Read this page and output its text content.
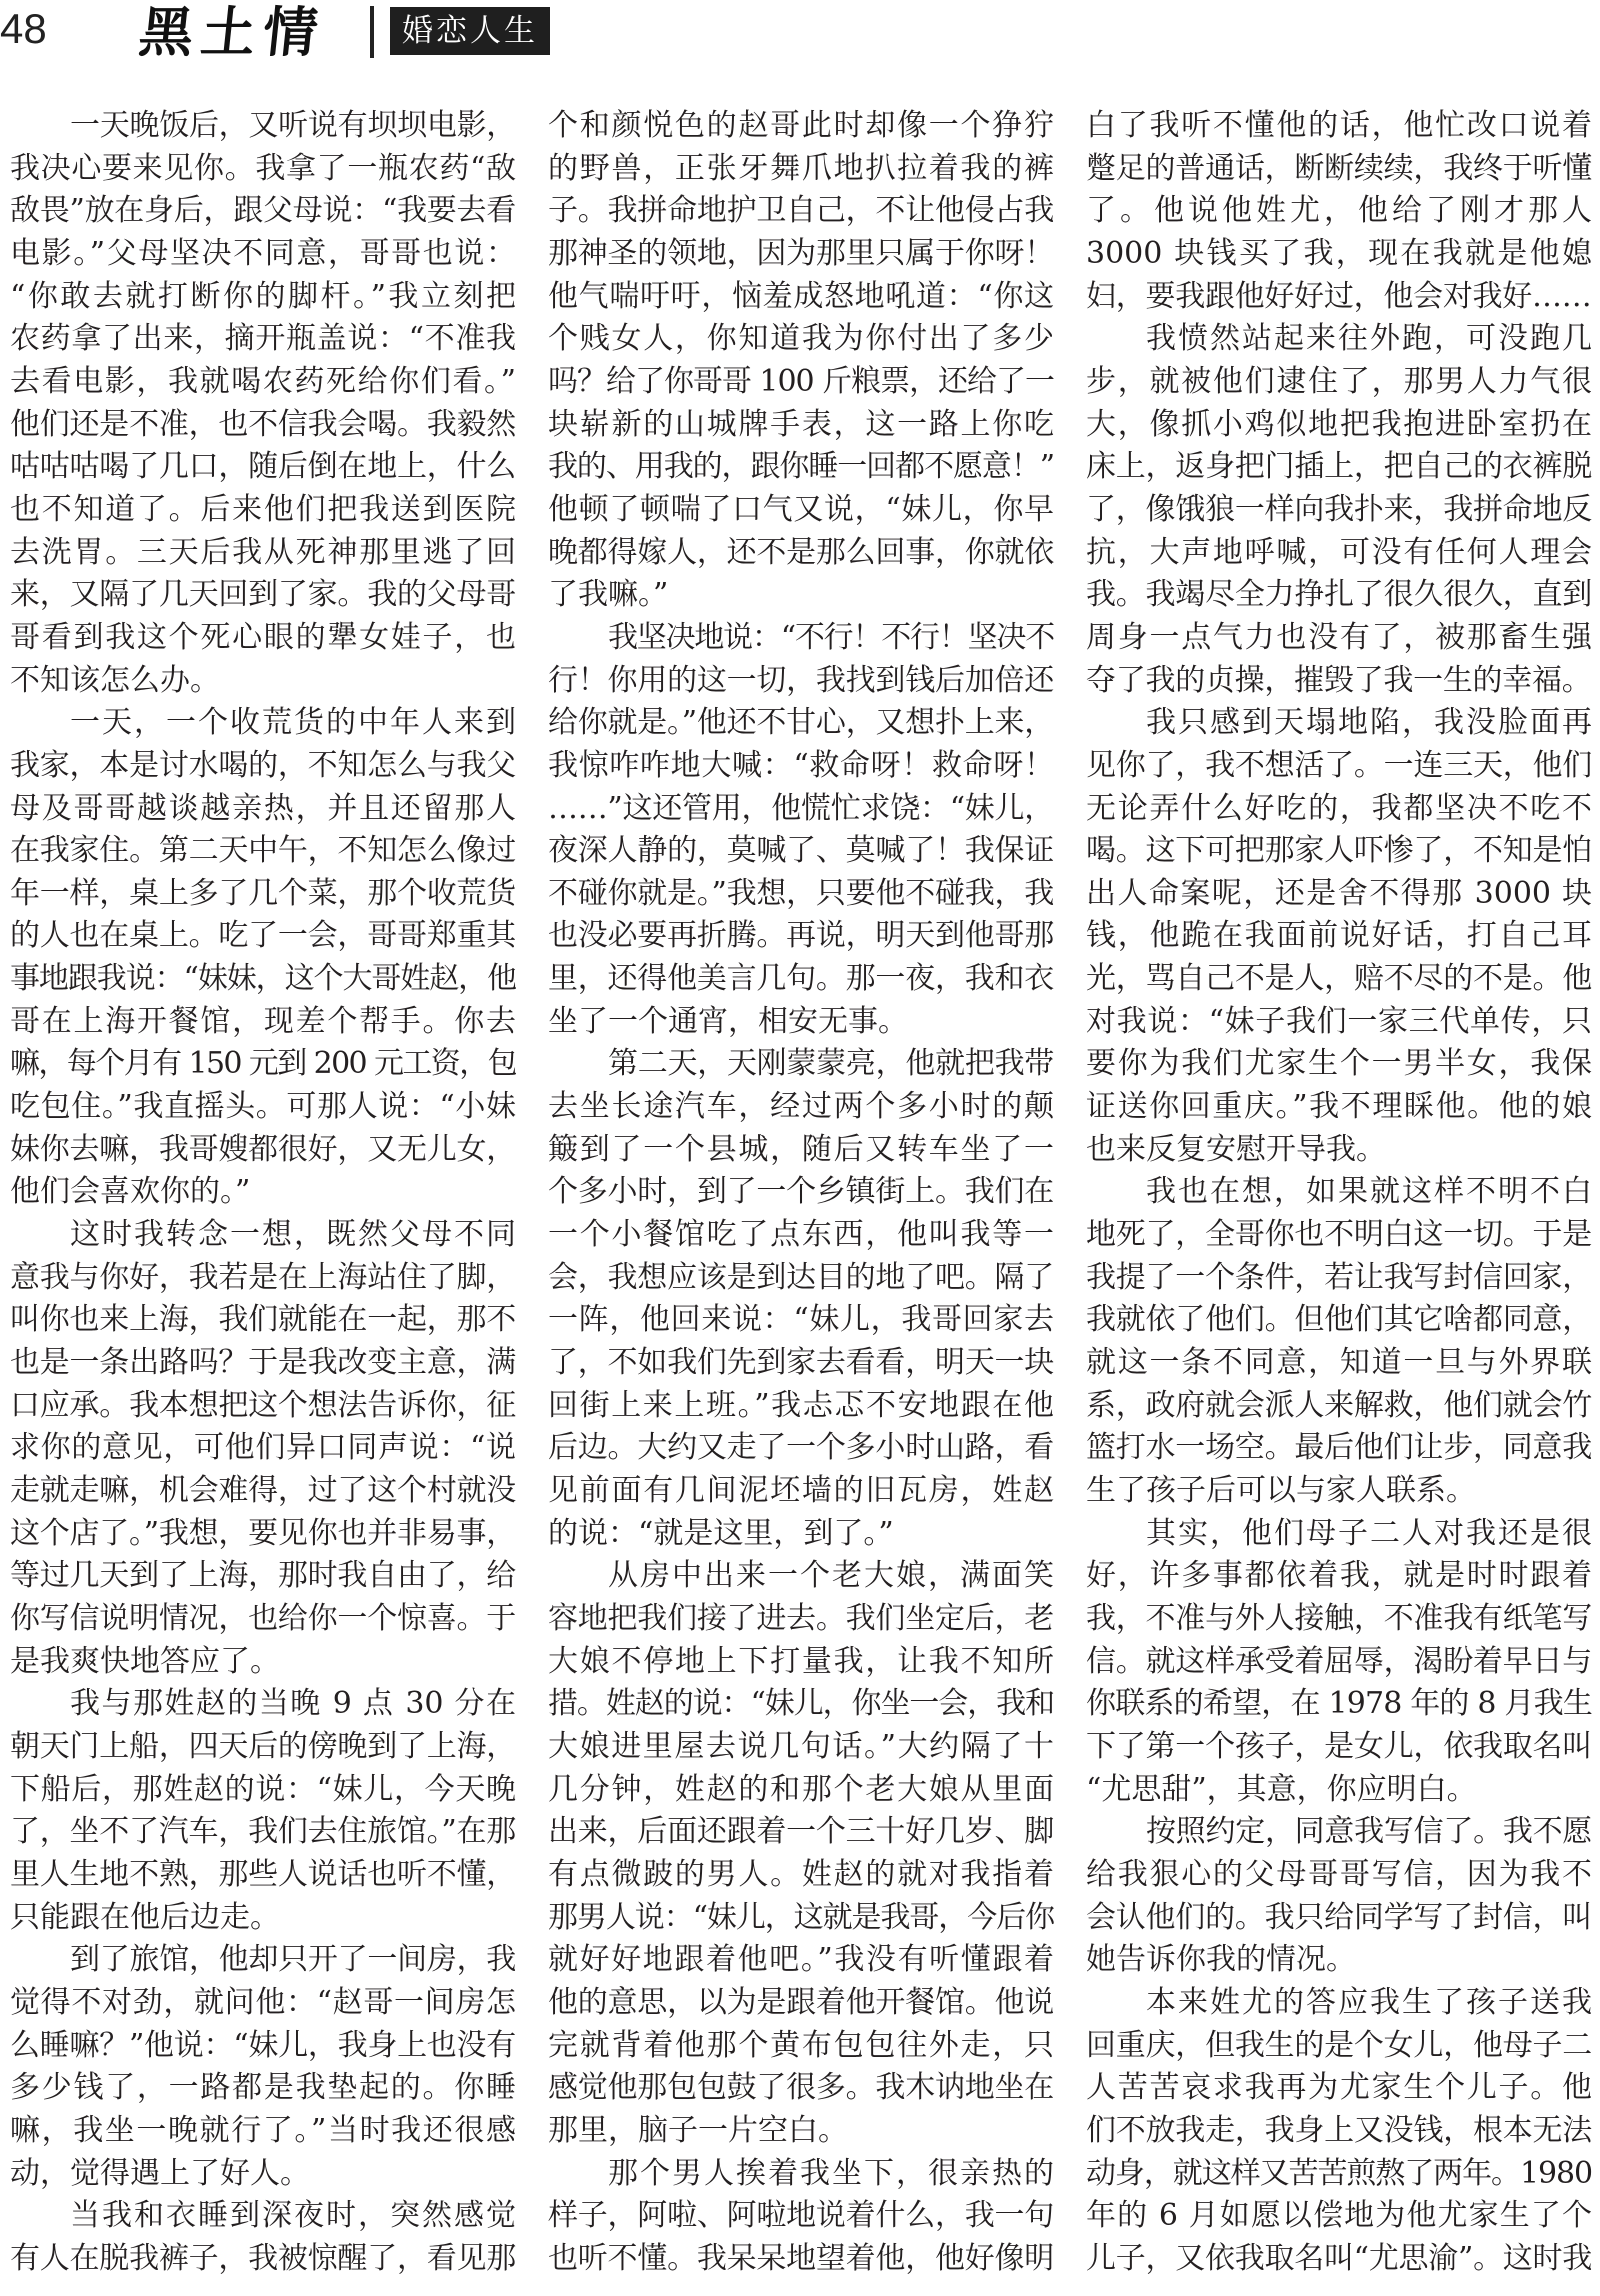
48 黑土情	婚恋人生
一天晚饭后，又听说有坝坝电影，
我决心要来见你。我拿了一瓶农药“敌
敌畏”放在身后，跟父母说：“我要去看
电影。”父母坚决不同意，哥哥也说：
“你敢去就打断你的脚杆。”我立刻把
农药拿了出来，摘开瓶盖说：“不准我
去看电影，我就喝农药死给你们看。”
他们还是不准，也不信我会喝。我毅然
咕咕咕喝了几口，随后倒在地上，什么
也不知道了。后来他们把我送到医院
去洗胃。三天后我从死神那里逃了回
来，又隔了几天回到了家。我的父母哥
哥看到我这个死心眼的犟女娃子，也
不知该怎么办。
一天，一个收荒货的中年人来到
我家，本是讨水喝的，不知怎么与我父
母及哥哥越谈越亲热，并且还留那人
在我家住。第二天中午，不知怎么像过
年一样，桌上多了几个菜，那个收荒货
的人也在桌上。吃了一会，哥哥郑重其
事地跟我说：“妹妹，这个大哥姓赵，他
哥在上海开餐馆，现差个帮手。你去
嘛，每个月有 150 元到 200 元工资，包
吃包住。”我直摇头。可那人说：“小妹
妹你去嘛，我哥嫂都很好，又无儿女，
他们会喜欢你的。”
这时我转念一想，既然父母不同
意我与你好，我若是在上海站住了脚，
叫你也来上海，我们就能在一起，那不
也是一条出路吗？于是我改变主意，满
口应承。我本想把这个想法告诉你，征
求你的意见，可他们异口同声说：“说
走就走嘛，机会难得，过了这个村就没
这个店了。”我想，要见你也并非易事，
等过几天到了上海，那时我自由了，给
你写信说明情况，也给你一个惊喜。于
是我爽快地答应了。
我与那姓赵的当晚 9 点 30 分在
朝天门上船，四天后的傍晚到了上海，
下船后，那姓赵的说：“妹儿，今天晚
了，坐不了汽车，我们去住旅馆。”在那
里人生地不熟，那些人说话也听不懂，
只能跟在他后边走。
到了旅馆，他却只开了一间房，我
觉得不对劲，就问他：“赵哥一间房怎
么睡嘛？”他说：“妹儿，我身上也没有
多少钱了，一路都是我垫起的。你睡
嘛，我坐一晚就行了。”当时我还很感
动，觉得遇上了好人。
当我和衣睡到深夜时，突然感觉
有人在脱我裤子，我被惊醒了，看见那
个和颜悦色的赵哥此时却像一个狰狞
的野兽，正张牙舞爪地扒拉着我的裤
子。我拼命地护卫自己，不让他侵占我
那神圣的领地，因为那里只属于你呀！
他气喘吁吁，恼羞成怒地吼道：“你这
个贱女人，你知道我为你付出了多少
吗？给了你哥哥 100 斤粮票，还给了一
块崭新的山城牌手表，这一路上你吃
我的、用我的，跟你睡一回都不愿意！”
他顿了顿喘了口气又说，“妹儿，你早
晚都得嫁人，还不是那么回事，你就依
了我嘛。”
我坚决地说：“不行！不行！坚决不
行！你用的这一切，我找到钱后加倍还
给你就是。”他还不甘心，又想扑上来，
我惊咋咋地大喊：“救命呀！救命呀！
……”这还管用，他慌忙求饶：“妹儿，
夜深人静的，莫喊了、莫喊了！我保证
不碰你就是。”我想，只要他不碰我，我
也没必要再折腾。再说，明天到他哥那
里，还得他美言几句。那一夜，我和衣
坐了一个通宵，相安无事。
第二天，天刚蒙蒙亮，他就把我带
去坐长途汽车，经过两个多小时的颠
簸到了一个县城，随后又转车坐了一
个多小时，到了一个乡镇街上。我们在
一个小餐馆吃了点东西，他叫我等一
会，我想应该是到达目的地了吧。隔了
一阵，他回来说：“妹儿，我哥回家去
了，不如我们先到家去看看，明天一块
回街上来上班。”我忐忑不安地跟在他
后边。大约又走了一个多小时山路，看
见前面有几间泥坯墙的旧瓦房，姓赵
的说：“就是这里，到了。”
从房中出来一个老大娘，满面笑
容地把我们接了进去。我们坐定后，老
大娘不停地上下打量我，让我不知所
措。姓赵的说：“妹儿，你坐一会，我和
大娘进里屋去说几句话。”大约隔了十
几分钟，姓赵的和那个老大娘从里面
出来，后面还跟着一个三十好几岁、脚
有点微跛的男人。姓赵的就对我指着
那男人说：“妹儿，这就是我哥，今后你
就好好地跟着他吧。”我没有听懂跟着
他的意思，以为是跟着他开餐馆。他说
完就背着他那个黄布包包往外走，只
感觉他那包包鼓了很多。我木讷地坐在
那里，脑子一片空白。
那个男人挨着我坐下，很亲热的
样子，阿啦、阿啦地说着什么，我一句
也听不懂。我呆呆地望着他，他好像明
白了我听不懂他的话，他忙改口说着
蹩足的普通话，断断续续，我终于听懂
了。他说他姓尤，他给了刚才那人
3000 块钱买了我，现在我就是他媳
妇，要我跟他好好过，他会对我好……
我愤然站起来往外跑，可没跑几
步，就被他们逮住了，那男人力气很
大，像抓小鸡似地把我抱进卧室扔在
床上，返身把门插上，把自己的衣裤脱
了，像饿狼一样向我扑来，我拼命地反
抗，大声地呼喊，可没有任何人理会
我。我竭尽全力挣扎了很久很久，直到
周身一点气力也没有了，被那畜生强
夺了我的贞操，摧毁了我一生的幸福。
我只感到天塌地陷，我没脸面再
见你了，我不想活了。一连三天，他们
无论弄什么好吃的，我都坚决不吃不
喝。这下可把那家人吓惨了，不知是怕
出人命案呢，还是舍不得那 3000 块
钱，他跪在我面前说好话，打自己耳
光，骂自己不是人，赔不尽的不是。他
对我说：“妹子我们一家三代单传，只
要你为我们尤家生个一男半女，我保
证送你回重庆。”我不理睬他。他的娘
也来反复安慰开导我。
我也在想，如果就这样不明不白
地死了，全哥你也不明白这一切。于是
我提了一个条件，若让我写封信回家，
我就依了他们。但他们其它啥都同意，
就这一条不同意，知道一旦与外界联
系，政府就会派人来解救，他们就会竹
篮打水一场空。最后他们让步，同意我
生了孩子后可以与家人联系。
其实，他们母子二人对我还是很
好，许多事都依着我，就是时时跟着
我，不准与外人接触，不准我有纸笔写
信。就这样承受着屈辱，渴盼着早日与
你联系的希望，在 1978 年的 8 月我生
下了第一个孩子，是女儿，依我取名叫
“尤思甜”，其意，你应明白。
按照约定，同意我写信了。我不愿
给我狠心的父母哥哥写信，因为我不
会认他们的。我只给同学写了封信，叫
她告诉你我的情况。
本来姓尤的答应我生了孩子送我
回重庆，但我生的是个女儿，他母子二
人苦苦哀求我再为尤家生个儿子。他
们不放我走，我身上又没钱，根本无法
动身，就这样又苦苦煎熬了两年。1980
年的 6 月如愿以偿地为他尤家生了个
儿子，又依我取名叫“尤思渝”。这时我
